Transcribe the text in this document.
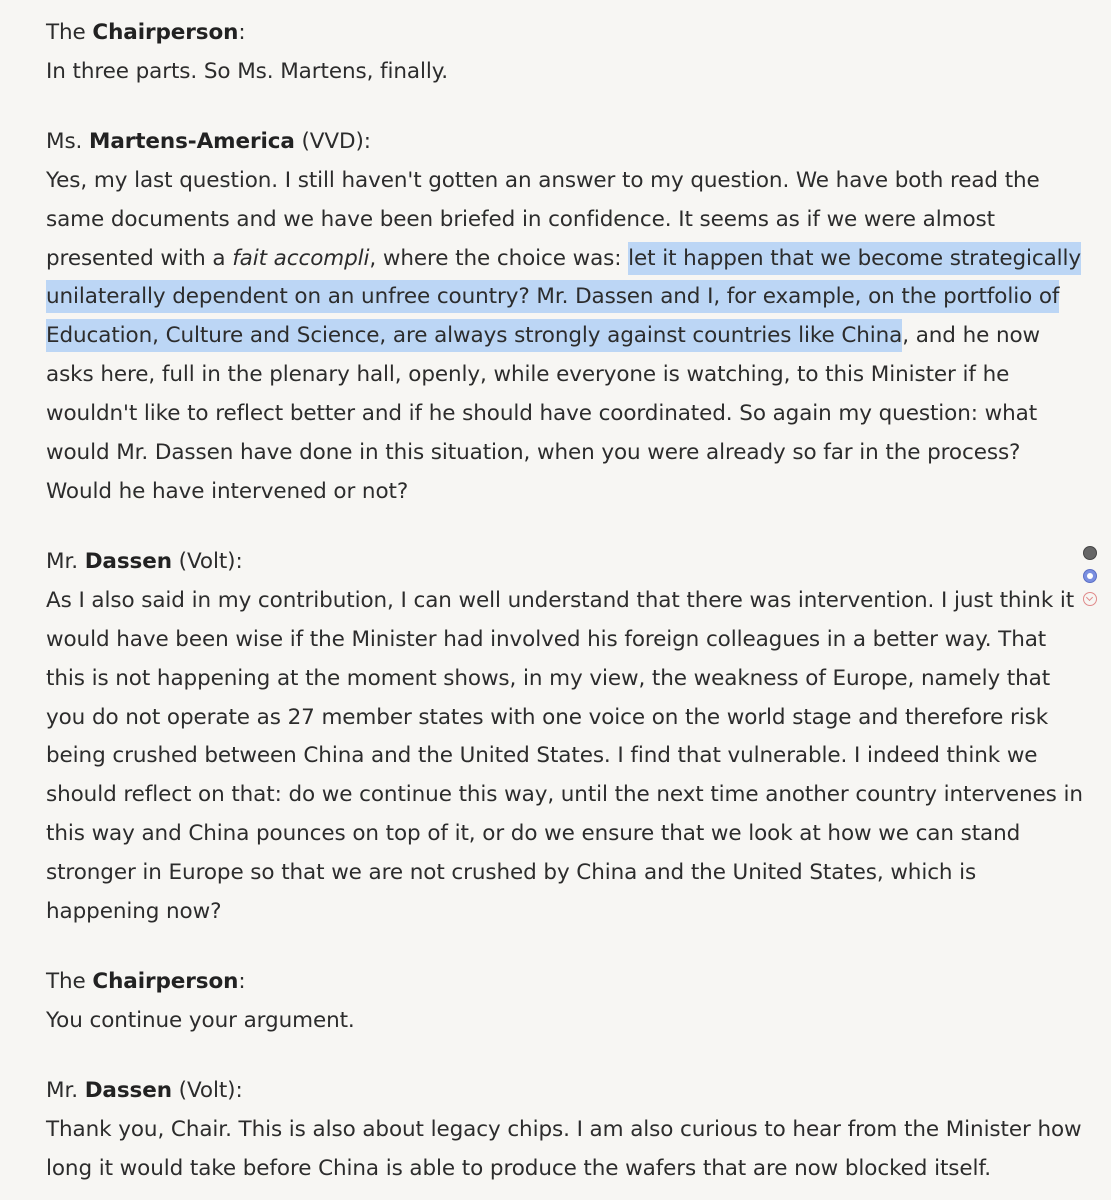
The Chairperson:
In three parts. So Ms. Martens, finally.
Ms. Martens-America (VVD):
Yes, my last question. I still haven't gotten an answer to my question. We have both read the same documents and we have been briefed in confidence. It seems as if we were almost presented with a fait accompli, where the choice was: let it happen that we become strategically unilaterally dependent on an unfree country? Mr. Dassen and I, for example, on the portfolio of Education, Culture and Science, are always strongly against countries like China, and he now asks here, full in the plenary hall, openly, while everyone is watching, to this Minister if he wouldn't like to reflect better and if he should have coordinated. So again my question: what would Mr. Dassen have done in this situation, when you were already so far in the process? Would he have intervened or not?
Mr. Dassen (Volt):
As I also said in my contribution, I can well understand that there was intervention. I just think it would have been wise if the Minister had involved his foreign colleagues in a better way. That this is not happening at the moment shows, in my view, the weakness of Europe, namely that you do not operate as 27 member states with one voice on the world stage and therefore risk being crushed between China and the United States. I find that vulnerable. I indeed think we should reflect on that: do we continue this way, until the next time another country intervenes in this way and China pounces on top of it, or do we ensure that we look at how we can stand stronger in Europe so that we are not crushed by China and the United States, which is happening now?
The Chairperson:
You continue your argument.
Mr. Dassen (Volt):
Thank you, Chair. This is also about legacy chips. I am also curious to hear from the Minister how long it would take before China is able to produce the wafers that are now blocked itself.
